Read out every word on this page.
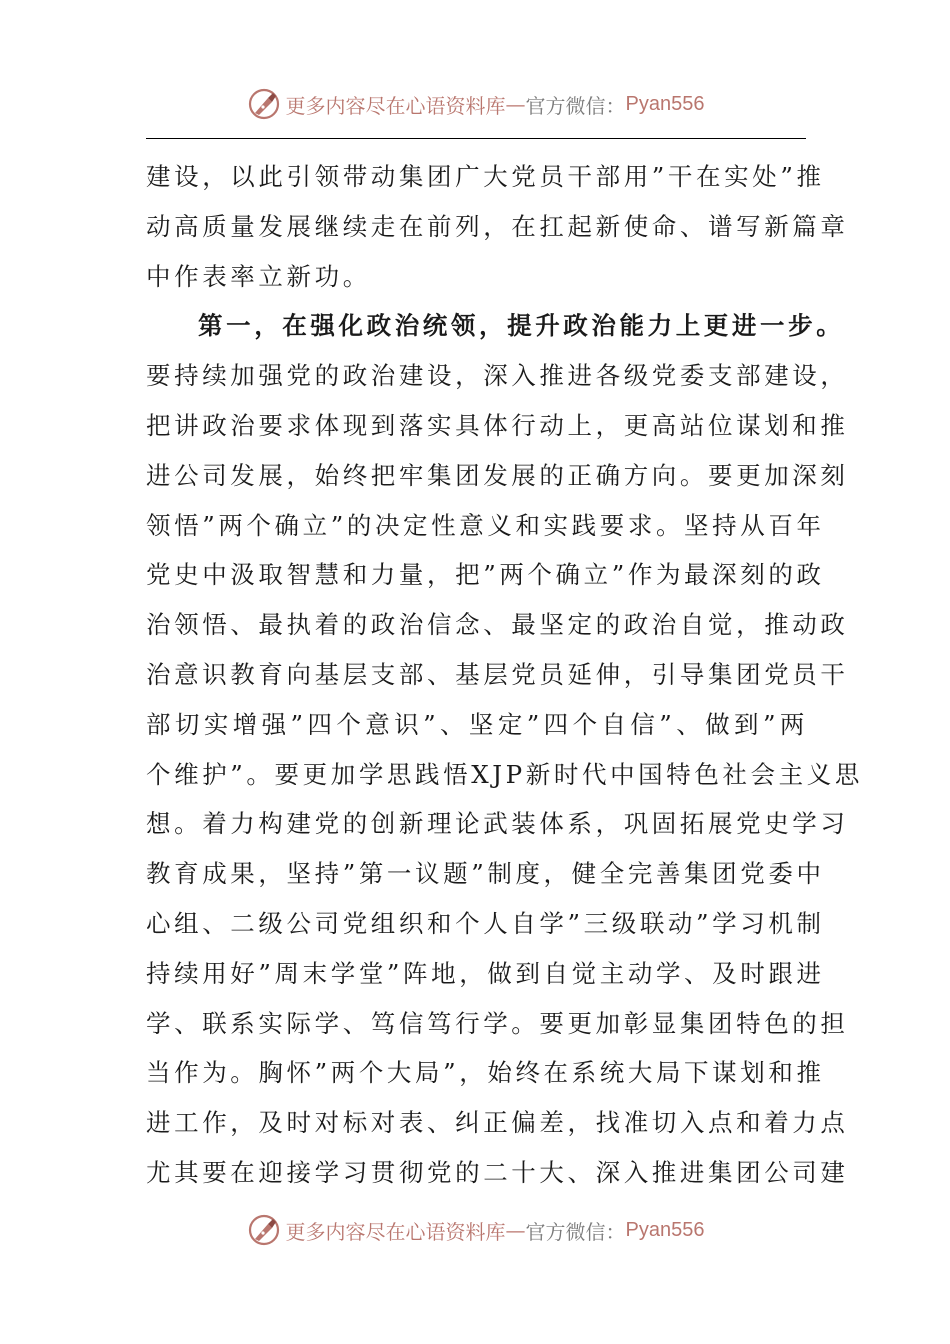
更多内容尽在心语资料库 — 官方微信： Pyan556
建设，以此引领带动集团广大党员干部用”干在实处”推
动高质量发展继续走在前列，在扛起新使命、谱写新篇章
中作表率立新功。
第一，在强化政治统领，提升政治能力上更进一步。
要持续加强党的政治建设，深入推进各级党委支部建设，
把讲政治要求体现到落实具体行动上，更高站位谋划和推
进公司发展，始终把牢集团发展的正确方向。要更加深刻
领悟”两个确立”的决定性意义和实践要求。坚持从百年
党史中汲取智慧和力量，把”两个确立”作为最深刻的政
治领悟、最执着的政治信念、最坚定的政治自觉，推动政
治意识教育向基层支部、基层党员延伸，引导集团党员干
部切实增强”四个意识”、坚定”四个自信”、做到”两
个维护”。要更加学思践悟XJP新时代中国特色社会主义思
想。着力构建党的创新理论武装体系，巩固拓展党史学习
教育成果，坚持”第一议题”制度，健全完善集团党委中
心组、二级公司党组织和个人自学”三级联动”学习机制
持续用好”周末学堂”阵地，做到自觉主动学、及时跟进
学、联系实际学、笃信笃行学。要更加彰显集团特色的担
当作为。胸怀”两个大局”，始终在系统大局下谋划和推
进工作，及时对标对表、纠正偏差，找准切入点和着力点
尤其要在迎接学习贯彻党的二十大、深入推进集团公司建
更多内容尽在心语资料库 — 官方微信： Pyan556
